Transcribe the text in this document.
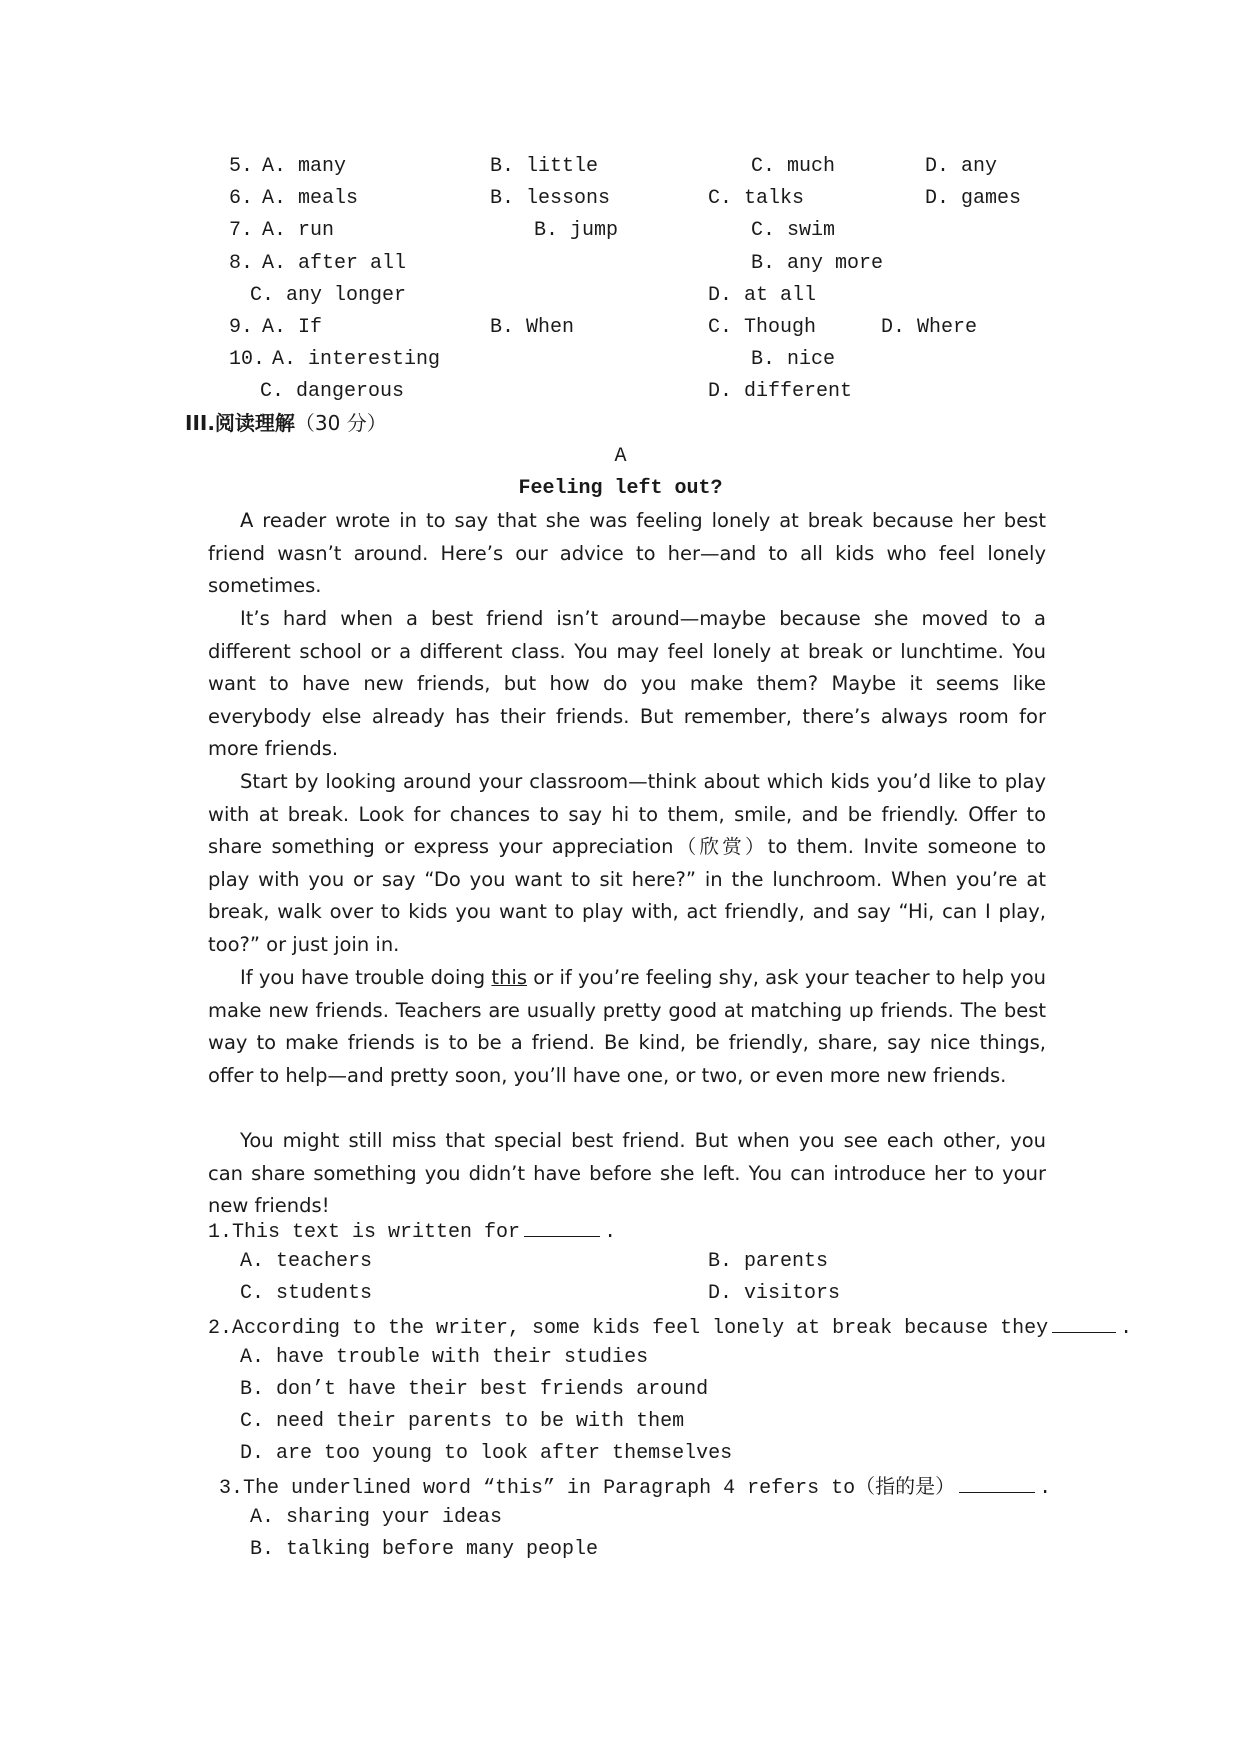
5. A. many	B. little	C. much	D. any
6. A. meals	B. lessons	C. talks	D. games
7. A. run	B. jump	C. swim
8. A. after all	B. any more
C. any longer	D. at all
9. A. If	B. When	C. Though	D. Where
10. A. interesting	B. nice
C. dangerous	D. different
III.阅读理解（30 分）
A
Feeling left out?

A reader wrote in to say that she was feeling lonely at break because her best friend wasn’t around. Here’s our advice to her—and to all kids who feel lonely sometimes.

It’s hard when a best friend isn’t around—maybe because she moved to a different school or a different class. You may feel lonely at break or lunchtime. You want to have new friends, but how do you make them? Maybe it seems like everybody else already has their friends. But remember, there’s always room for more friends.

Start by looking around your classroom—think about which kids you’d like to play with at break. Look for chances to say hi to them, smile, and be friendly. Offer to share something or express your appreciation（欣赏）to them. Invite someone to play with you or say “Do you want to sit here?” in the lunchroom. When you’re at break, walk over to kids you want to play with, act friendly, and say “Hi, can I play, too?” or just join in.

If you have trouble doing this or if you’re feeling shy, ask your teacher to help you make new friends. Teachers are usually pretty good at matching up friends. The best way to make friends is to be a friend. Be kind, be friendly, share, say nice things, offer to help—and pretty soon, you’ll have one, or two, or even more new friends.

You might still miss that special best friend. But when you see each other, you can share something you didn’t have before she left. You can introduce her to your new friends!

1.This text is written for	.
A. teachers	B. parents
C. students	D. visitors
2.According to the writer, some kids feel lonely at break because they	.
A. have trouble with their studies
B. don’t have their best friends around
C. need their parents to be with them
D. are too young to look after themselves
3.The underlined word “this” in Paragraph 4 refers to（指的是）	.
A. sharing your ideas
B. talking before many people
